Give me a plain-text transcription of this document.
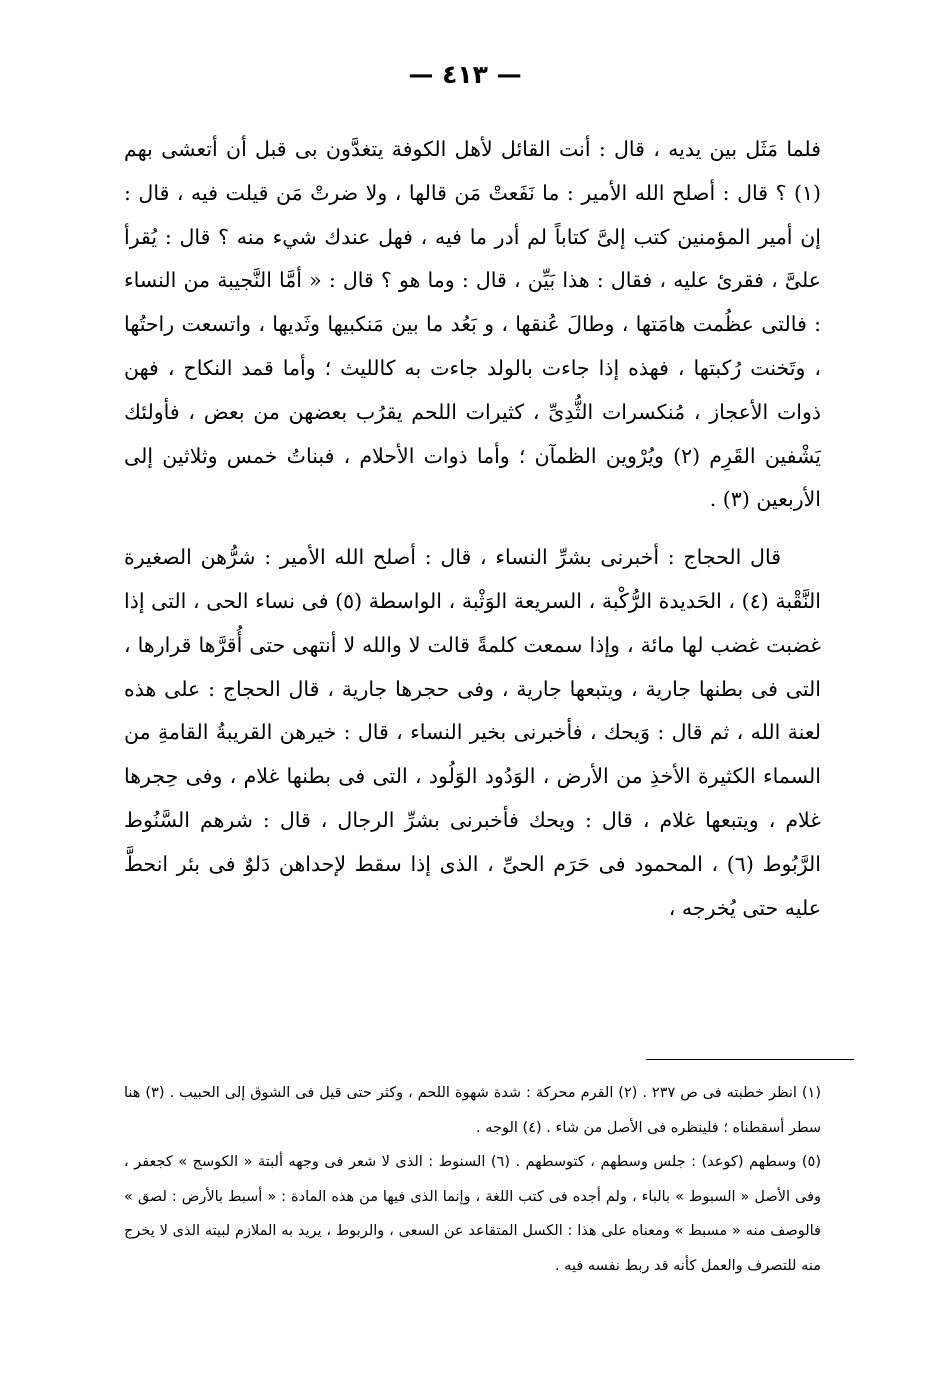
— ٤١٣ —

فلما مَثَل بين يديه ، قال : أنت القائل لأهل الكوفة يتغدَّون بى قبل أن أتعشى بهم (١) ؟ قال : أصلح الله الأمير : ما نَفَعتْ مَن قالها ، ولا ضرتْ مَن قيلت فيه ، قال : إن أمير المؤمنين كتب إلىَّ كتاباً لم أدر ما فيه ، فهل عندك شيء منه ؟ قال : يُقرأ علىَّ ، فقرئ عليه ، فقال : هذا بَيِّن ، قال : وما هو ؟ قال : « أمَّا النَّجيبة من النساء : فالتى عظُمت هامَتها ، وطالَ عُنقها ، و بَعُد ما بين مَنكبيها وثَديها ، واتسعت راحتُها ، وتَخنت رُكبتها ، فهذه إذا جاءت بالولد جاءت به كالليث ؛ وأما قمد النكاح ، فهن ذوات الأعجاز ، مُنكسرات الثُّدِىِّ ، كثيرات اللحم يقرُب بعضهن من بعض ، فأولئك يَشْفين القَرِم (٢) ويُرْوين الظمآن ؛ وأما ذوات الأحلام ، فبناتُ خمس وثلاثين إلى الأربعين (٣) .

قال الحجاج : أخبرنى بشرِّ النساء ، قال : أصلح الله الأمير : شرُّهن الصغيرة النَّقْبة (٤) ، الحَديدة الرُّكْبة ، السريعة الوَثْبة ، الواسطة (٥) فى نساء الحى ، التى إذا غضبت غضب لها مائة ، وإذا سمعت كلمةً قالت لا والله لا أنتهى حتى أُقرَّها قرارها ، التى فى بطنها جارية ، ويتبعها جارية ، وفى حجرها جارية ، قال الحجاج : على هذه لعنة الله ، ثم قال : وَيحك ، فأخبرنى بخير النساء ، قال : خيرهن القريبةُ القامةِ من السماء الكثيرة الأخذِ من الأرض ، الوَدُود الوَلُود ، التى فى بطنها غلام ، وفى حِجرها غلام ، ويتبعها غلام ، قال : ويحك فأخبرنى بشرِّ الرجال ، قال : شرهم السَّنُوط الرَّبُوط (٦) ، المحمود فى حَرَم الحىِّ ، الذى إذا سقط لإحداهن دَلوٌ فى بئر انحطَّ عليه حتى يُخرجه ،

(١) انظر خطبته فى ص ٢٣٧ . (٢) القرم محركة : شدة شهوة اللحم ، وكثر حتى قيل فى الشوق إلى الحبيب . (٣) هنا سطر أسقطناه ؛ فلينظره فى الأصل من شاء . (٤) الوجه .

(٥) وسطهم (كوعد) : جلس وسطهم ، كتوسطهم . (٦) السنوط : الذى لا شعر فى وجهه ألبتة « الكوسج » كجعفر ، وفى الأصل « السبوط » بالباء ، ولم أجده فى كتب اللغة ، وإنما الذى فيها من هذه المادة : « أسبط بالأرض : لصق » فالوصف منه « مسبط » ومعناه على هذا : الكسل المتقاعد عن السعى ، والربوط ، يريد به الملازم لبيته الذى لا يخرج منه للتصرف والعمل كأنه قد ربط نفسه فيه .
